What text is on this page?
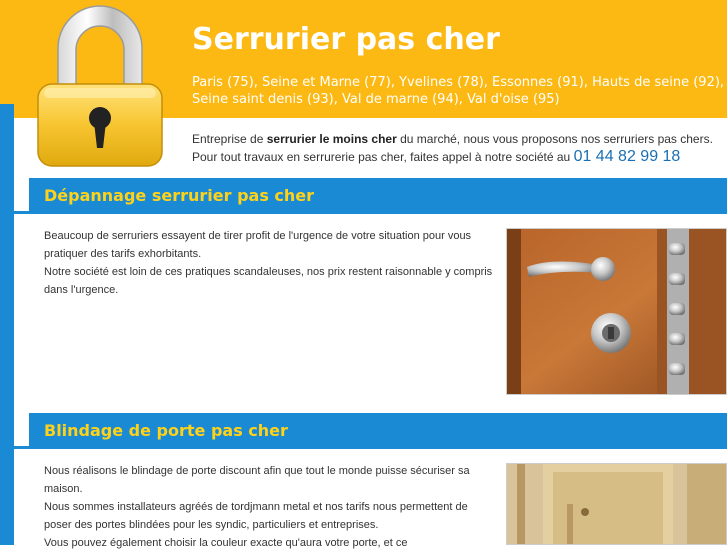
Serrurier pas cher
Paris (75), Seine et Marne (77), Yvelines (78), Essonnes (91), Hauts de seine (92), Seine saint denis (93), Val de marne (94), Val d'oise (95)
Entreprise de serrurier le moins cher du marché, nous vous proposons nos serruriers pas chers.
Pour tout travaux en serrurerie pas cher, faites appel à notre société au 01 44 82 99 18
Dépannage serrurier pas cher
Beaucoup de serruriers essayent de tirer profit de l'urgence de votre situation pour vous pratiquer des tarifs exhorbitants.
Notre société est loin de ces pratiques scandaleuses, nos prix restent raisonnable y compris dans l'urgence.
Blindage de porte pas cher
Nous réalisons le blindage de porte discount afin que tout le monde puisse sécuriser sa maison.
Nous sommes installateurs agréés de tordjmann metal et nos tarifs nous permettent de poser des portes blindées pour les syndic, particuliers et entreprises.
Vous pouvez également choisir la couleur exacte qu'aura votre porte, et ce
